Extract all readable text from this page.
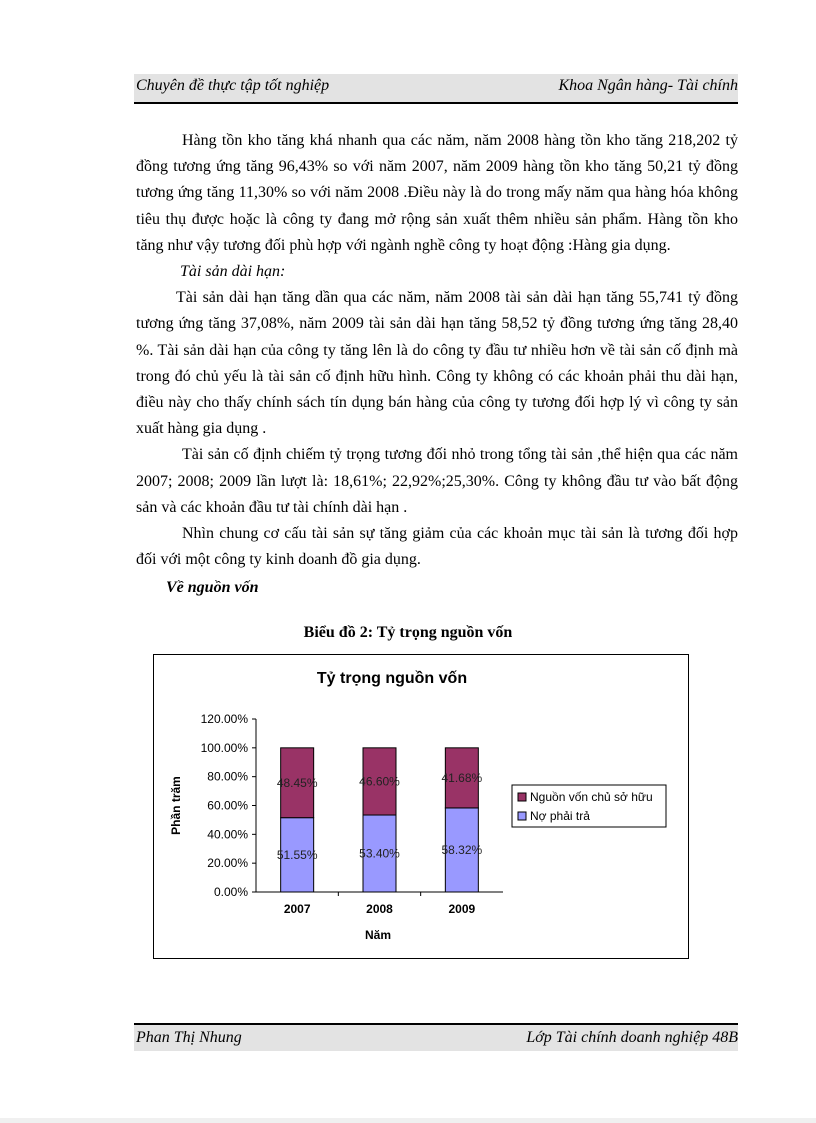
Chuyên đề thực tập tốt nghiệp	Khoa Ngân hàng- Tài chính

Hàng tồn kho tăng khá nhanh qua các năm, năm 2008 hàng tồn kho tăng 218,202 tỷ đồng tương ứng tăng 96,43% so với năm 2007, năm 2009 hàng tồn kho tăng 50,21 tỷ đồng tương ứng tăng 11,30% so với năm 2008 .Điều này là do trong mấy năm qua hàng hóa không tiêu thụ được hoặc là công ty đang mở rộng sản xuất thêm nhiều sản phẩm. Hàng tồn kho tăng như vậy tương đối phù hợp với ngành nghề công ty hoạt động :Hàng gia dụng.

Tài sản dài hạn:

Tài sản dài hạn tăng dần qua các năm, năm 2008 tài sản dài hạn tăng 55,741 tỷ đồng tương ứng tăng 37,08%, năm 2009 tài sản dài hạn tăng 58,52 tỷ đồng tương ứng tăng 28,40 %. Tài sản dài hạn của công ty tăng lên là do công ty đầu tư nhiều hơn về tài sản cố định mà trong đó chủ yếu là tài sản cố định hữu hình. Công ty không có các khoản phải thu dài hạn, điều này cho thấy chính sách tín dụng bán hàng của công ty tương đối hợp lý vì công ty sản xuất hàng gia dụng .

Tài sản cố định chiếm tỷ trọng tương đối nhỏ trong tổng tài sản ,thể hiện qua các năm 2007; 2008; 2009 lần lượt là: 18,61%; 22,92%;25,30%. Công ty không đầu tư vào bất động sản và các khoản đầu tư tài chính dài hạn .

Nhìn chung cơ cấu tài sản sự tăng giảm của các khoản mục tài sản là tương đối hợp đối với một công ty kinh doanh đồ gia dụng.

Về nguồn vốn

Biểu đồ 2: Tỷ trọng nguồn vốn
Tỷ trọng nguồn vốn
Phần trăm
Năm
0.00%
20.00%
40.00%
60.00%
80.00%
100.00%
120.00%
51.55%
48.45%
2007
53.40%
46.60%
2008
58.32%
41.68%
2009
Nguồn vốn chủ sở hữu
Nợ phải trả
Phan Thị Nhung	Lớp Tài chính doanh nghiệp 48B
